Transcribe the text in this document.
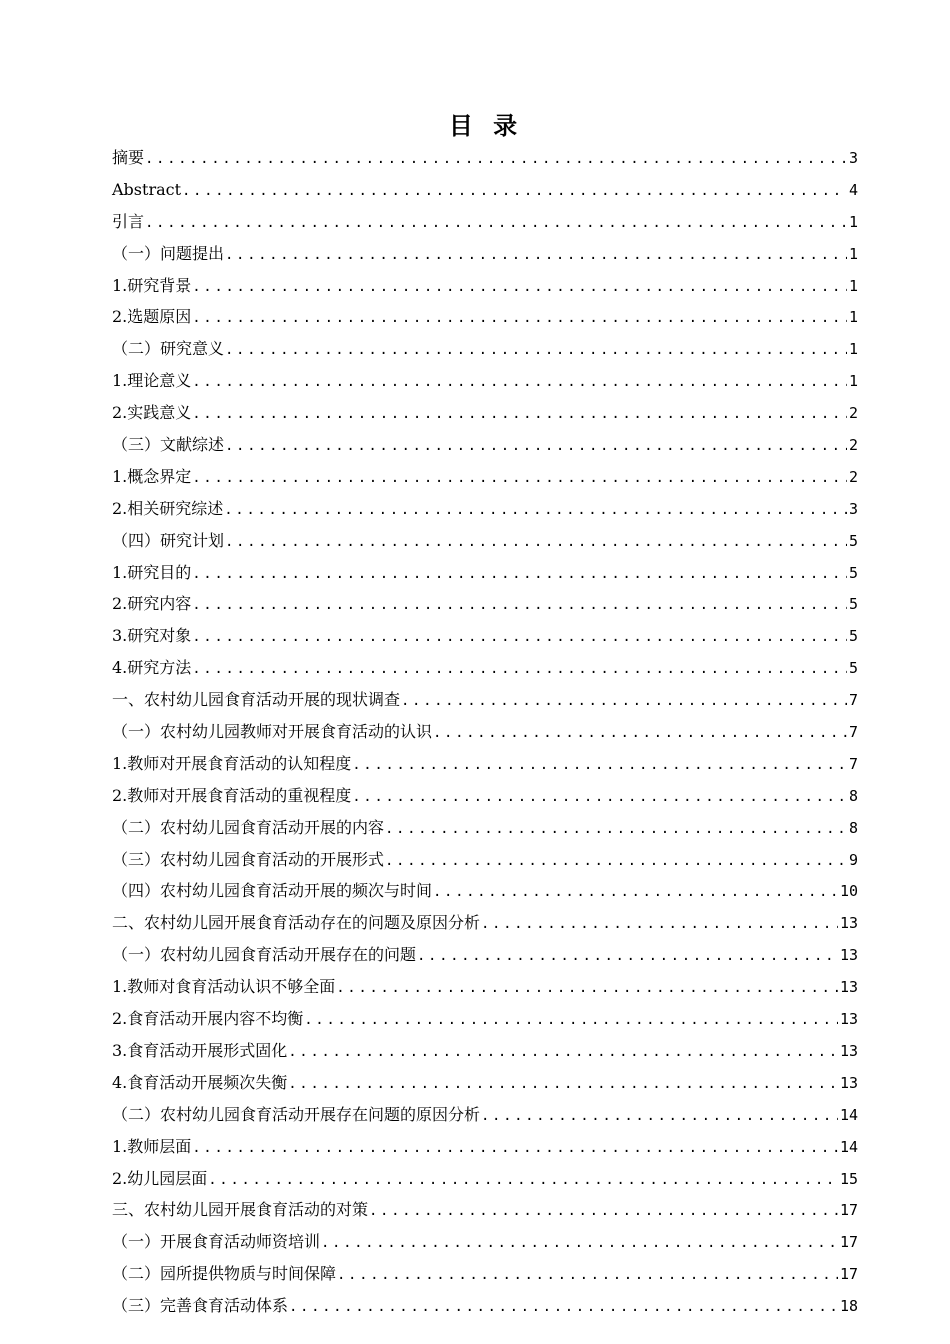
目 录
摘要 .....	3
Abstract .....	4
引言 .....	1
（一）问题提出 .....	1
1.研究背景 .....	1
2.选题原因 .....	1
（二）研究意义 .....	1
1.理论意义 .....	1
2.实践意义 .....	2
（三）文献综述 .....	2
1.概念界定 .....	2
2.相关研究综述 .....	3
（四）研究计划 .....	5
1.研究目的 .....	5
2.研究内容 .....	5
3.研究对象 .....	5
4.研究方法 .....	5
一、农村幼儿园食育活动开展的现状调查 .....	7
（一）农村幼儿园教师对开展食育活动的认识 .....	7
1.教师对开展食育活动的认知程度 .....	7
2.教师对开展食育活动的重视程度 .....	8
（二）农村幼儿园食育活动开展的内容 .....	8
（三）农村幼儿园食育活动的开展形式 .....	9
（四）农村幼儿园食育活动开展的频次与时间 .....	10
二、农村幼儿园开展食育活动存在的问题及原因分析 .....	13
（一）农村幼儿园食育活动开展存在的问题 .....	13
1.教师对食育活动认识不够全面 .....	13
2.食育活动开展内容不均衡 .....	13
3.食育活动开展形式固化 .....	13
4.食育活动开展频次失衡 .....	13
（二）农村幼儿园食育活动开展存在问题的原因分析 .....	14
1.教师层面 .....	14
2.幼儿园层面 .....	15
三、农村幼儿园开展食育活动的对策 .....	17
（一）开展食育活动师资培训 .....	17
（二）园所提供物质与时间保障 .....	17
（三）完善食育活动体系 .....	18
